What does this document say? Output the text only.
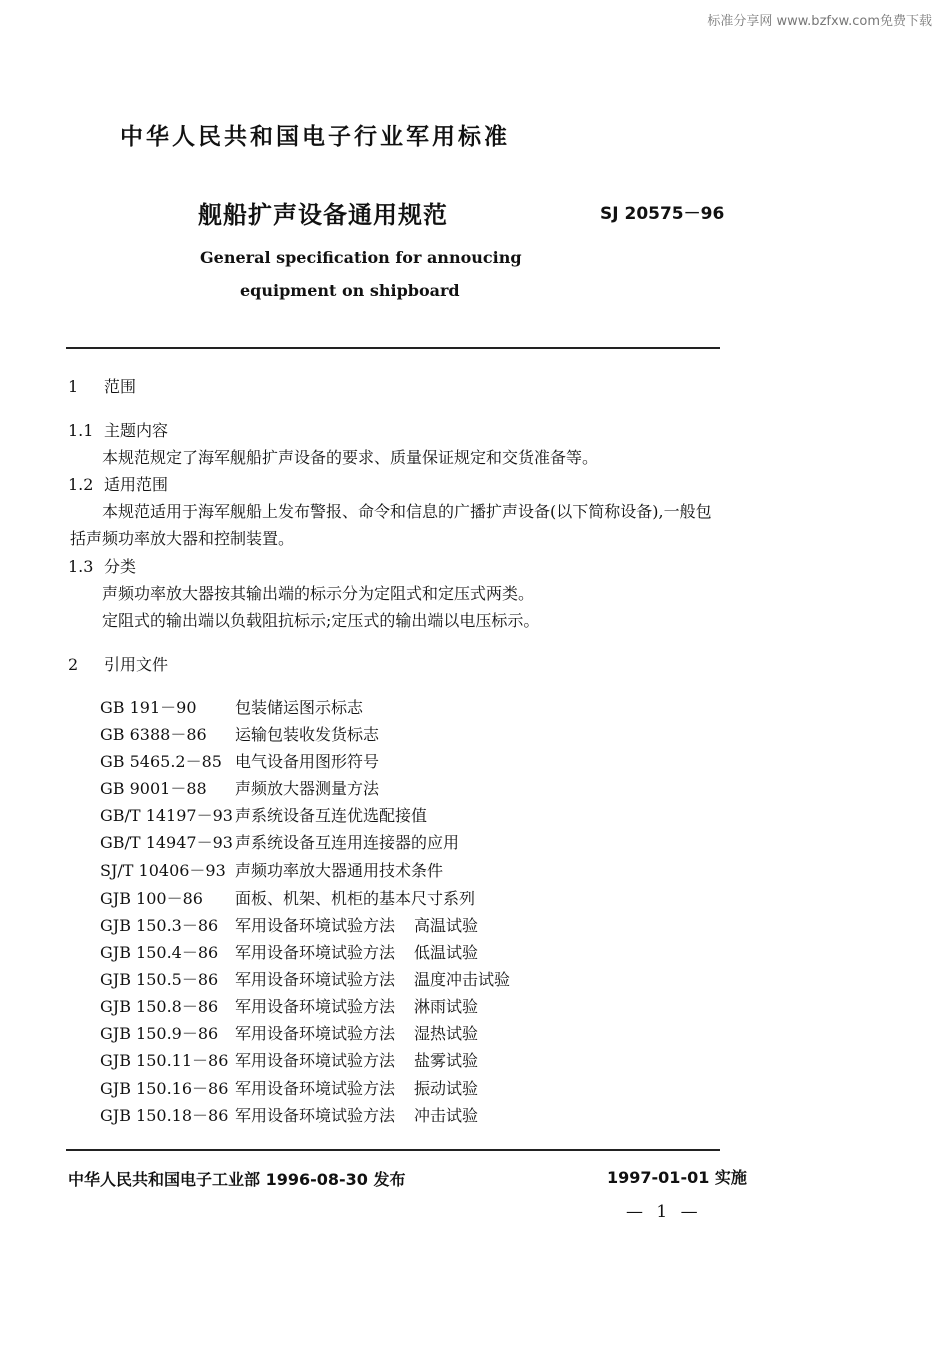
标准分享网 www.bzfxw.com免费下载
中华人民共和国电子行业军用标准
舰船扩声设备通用规范	SJ 20575－96
General specification for annoucing
equipment on shipboard
1 范围
1.1 主题内容
本规范规定了海军舰船扩声设备的要求、质量保证规定和交货准备等。
1.2 适用范围
本规范适用于海军舰船上发布警报、命令和信息的广播扩声设备(以下简称设备),一般包
括声频功率放大器和控制装置。
1.3 分类
声频功率放大器按其输出端的标示分为定阻式和定压式两类。
定阻式的输出端以负载阻抗标示;定压式的输出端以电压标示。
2 引用文件
GB 191－90 包装储运图示标志
GB 6388－86 运输包装收发货标志
GB 5465.2－85 电气设备用图形符号
GB 9001－88 声频放大器测量方法
GB/T 14197－93 声系统设备互连优选配接值
GB/T 14947－93 声系统设备互连用连接器的应用
SJ/T 10406－93 声频功率放大器通用技术条件
GJB 100－86 面板、机架、机柜的基本尺寸系列
GJB 150.3－86 军用设备环境试验方法 高温试验
GJB 150.4－86 军用设备环境试验方法 低温试验
GJB 150.5－86 军用设备环境试验方法 温度冲击试验
GJB 150.8－86 军用设备环境试验方法 淋雨试验
GJB 150.9－86 军用设备环境试验方法 湿热试验
GJB 150.11－86 军用设备环境试验方法 盐雾试验
GJB 150.16－86 军用设备环境试验方法 振动试验
GJB 150.18－86 军用设备环境试验方法 冲击试验
中华人民共和国电子工业部 1996-08-30 发布	1997-01-01 实施
— 1 —
